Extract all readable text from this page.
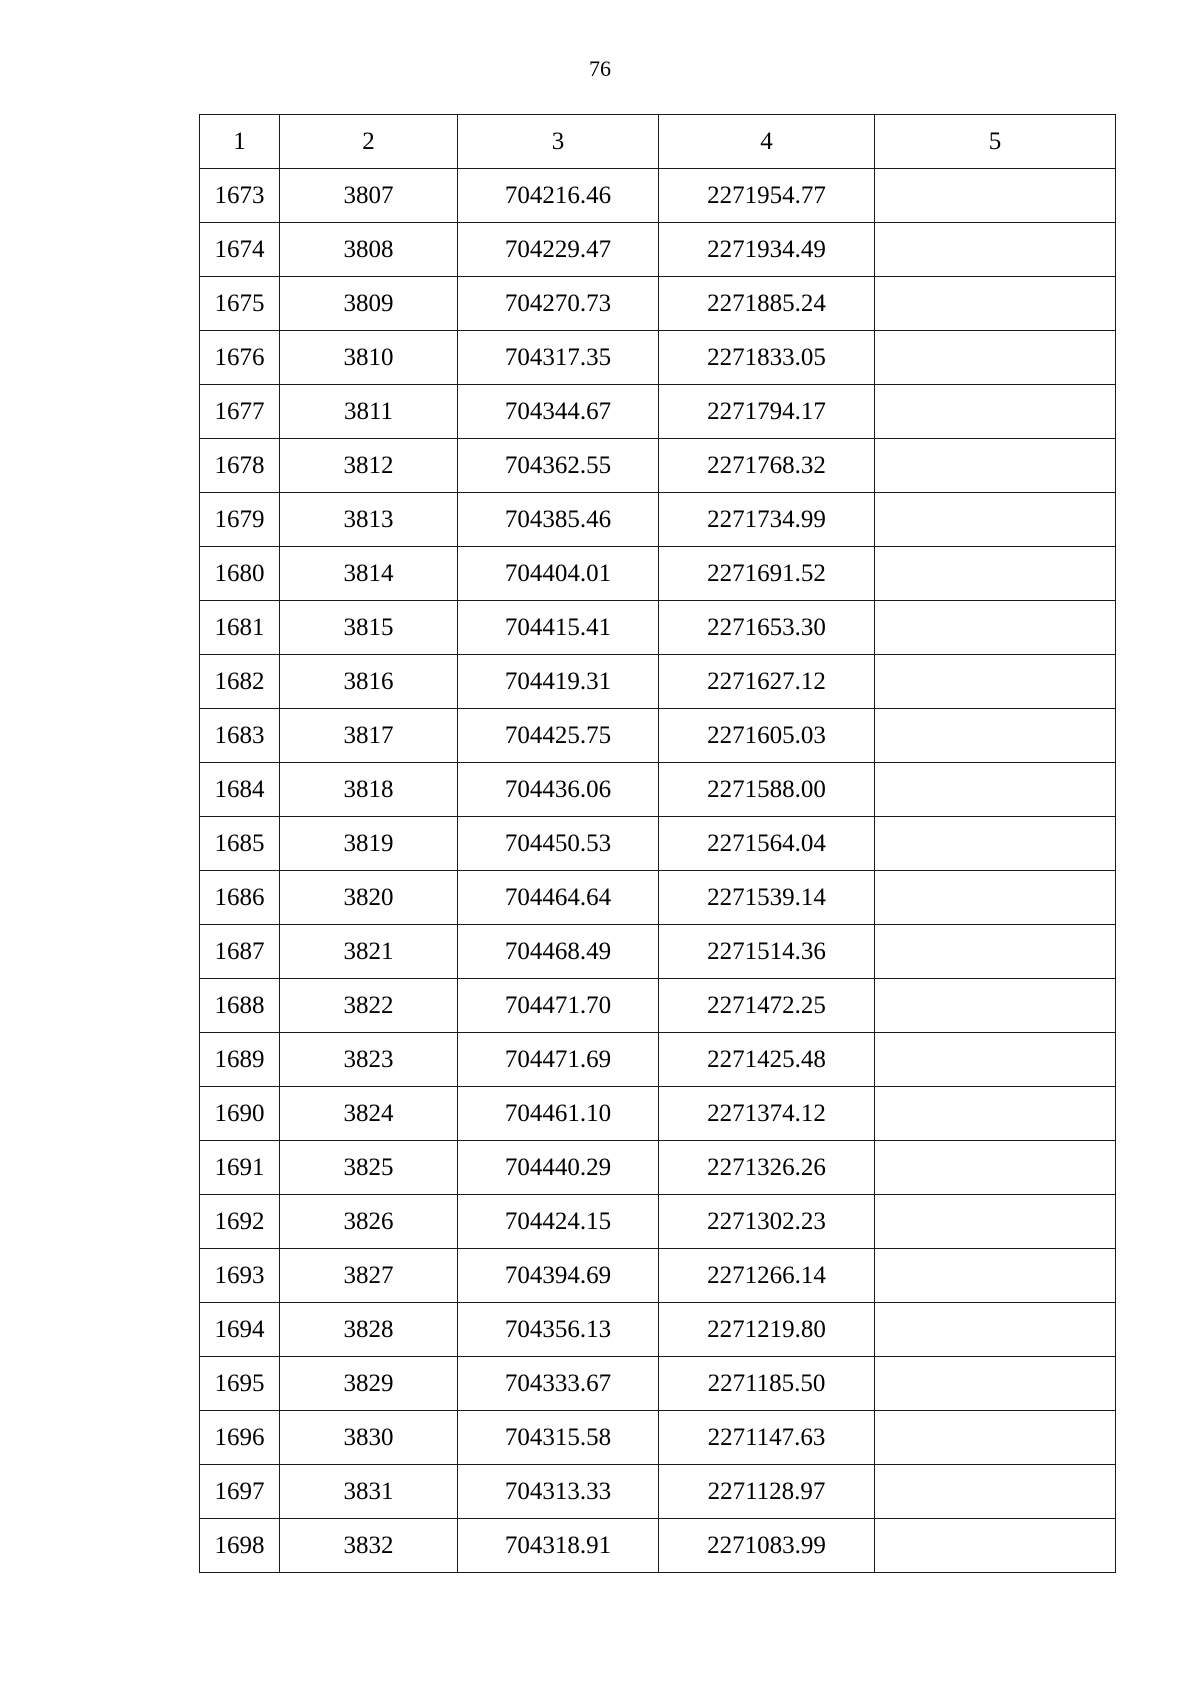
76
1	2	3	4	5
1673	3807	704216.46	2271954.77	
1674	3808	704229.47	2271934.49	
1675	3809	704270.73	2271885.24	
1676	3810	704317.35	2271833.05	
1677	3811	704344.67	2271794.17	
1678	3812	704362.55	2271768.32	
1679	3813	704385.46	2271734.99	
1680	3814	704404.01	2271691.52	
1681	3815	704415.41	2271653.30	
1682	3816	704419.31	2271627.12	
1683	3817	704425.75	2271605.03	
1684	3818	704436.06	2271588.00	
1685	3819	704450.53	2271564.04	
1686	3820	704464.64	2271539.14	
1687	3821	704468.49	2271514.36	
1688	3822	704471.70	2271472.25	
1689	3823	704471.69	2271425.48	
1690	3824	704461.10	2271374.12	
1691	3825	704440.29	2271326.26	
1692	3826	704424.15	2271302.23	
1693	3827	704394.69	2271266.14	
1694	3828	704356.13	2271219.80	
1695	3829	704333.67	2271185.50	
1696	3830	704315.58	2271147.63	
1697	3831	704313.33	2271128.97	
1698	3832	704318.91	2271083.99	
